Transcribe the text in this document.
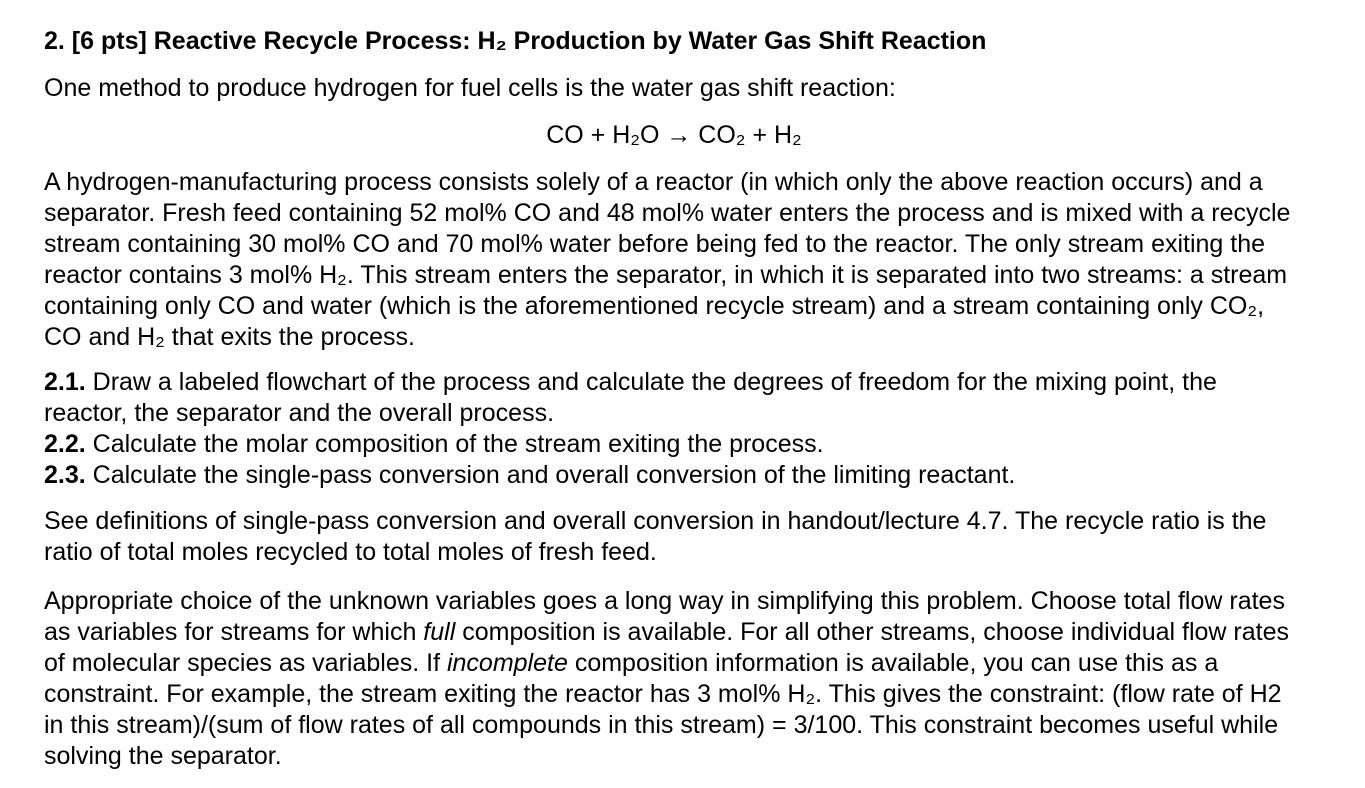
2. [6 pts] Reactive Recycle Process: H₂ Production by Water Gas Shift Reaction

One method to produce hydrogen for fuel cells is the water gas shift reaction:

CO + H₂O → CO₂ + H₂

A hydrogen-manufacturing process consists solely of a reactor (in which only the above reaction occurs) and a separator. Fresh feed containing 52 mol% CO and 48 mol% water enters the process and is mixed with a recycle stream containing 30 mol% CO and 70 mol% water before being fed to the reactor. The only stream exiting the reactor contains 3 mol% H₂. This stream enters the separator, in which it is separated into two streams: a stream containing only CO and water (which is the aforementioned recycle stream) and a stream containing only CO₂, CO and H₂ that exits the process.

2.1. Draw a labeled flowchart of the process and calculate the degrees of freedom for the mixing point, the reactor, the separator and the overall process.

2.2. Calculate the molar composition of the stream exiting the process.

2.3. Calculate the single-pass conversion and overall conversion of the limiting reactant.

See definitions of single-pass conversion and overall conversion in handout/lecture 4.7. The recycle ratio is the ratio of total moles recycled to total moles of fresh feed.

Appropriate choice of the unknown variables goes a long way in simplifying this problem. Choose total flow rates as variables for streams for which full composition is available. For all other streams, choose individual flow rates of molecular species as variables. If incomplete composition information is available, you can use this as a constraint. For example, the stream exiting the reactor has 3 mol% H₂. This gives the constraint: (flow rate of H2 in this stream)/(sum of flow rates of all compounds in this stream) = 3/100. This constraint becomes useful while solving the separator.
